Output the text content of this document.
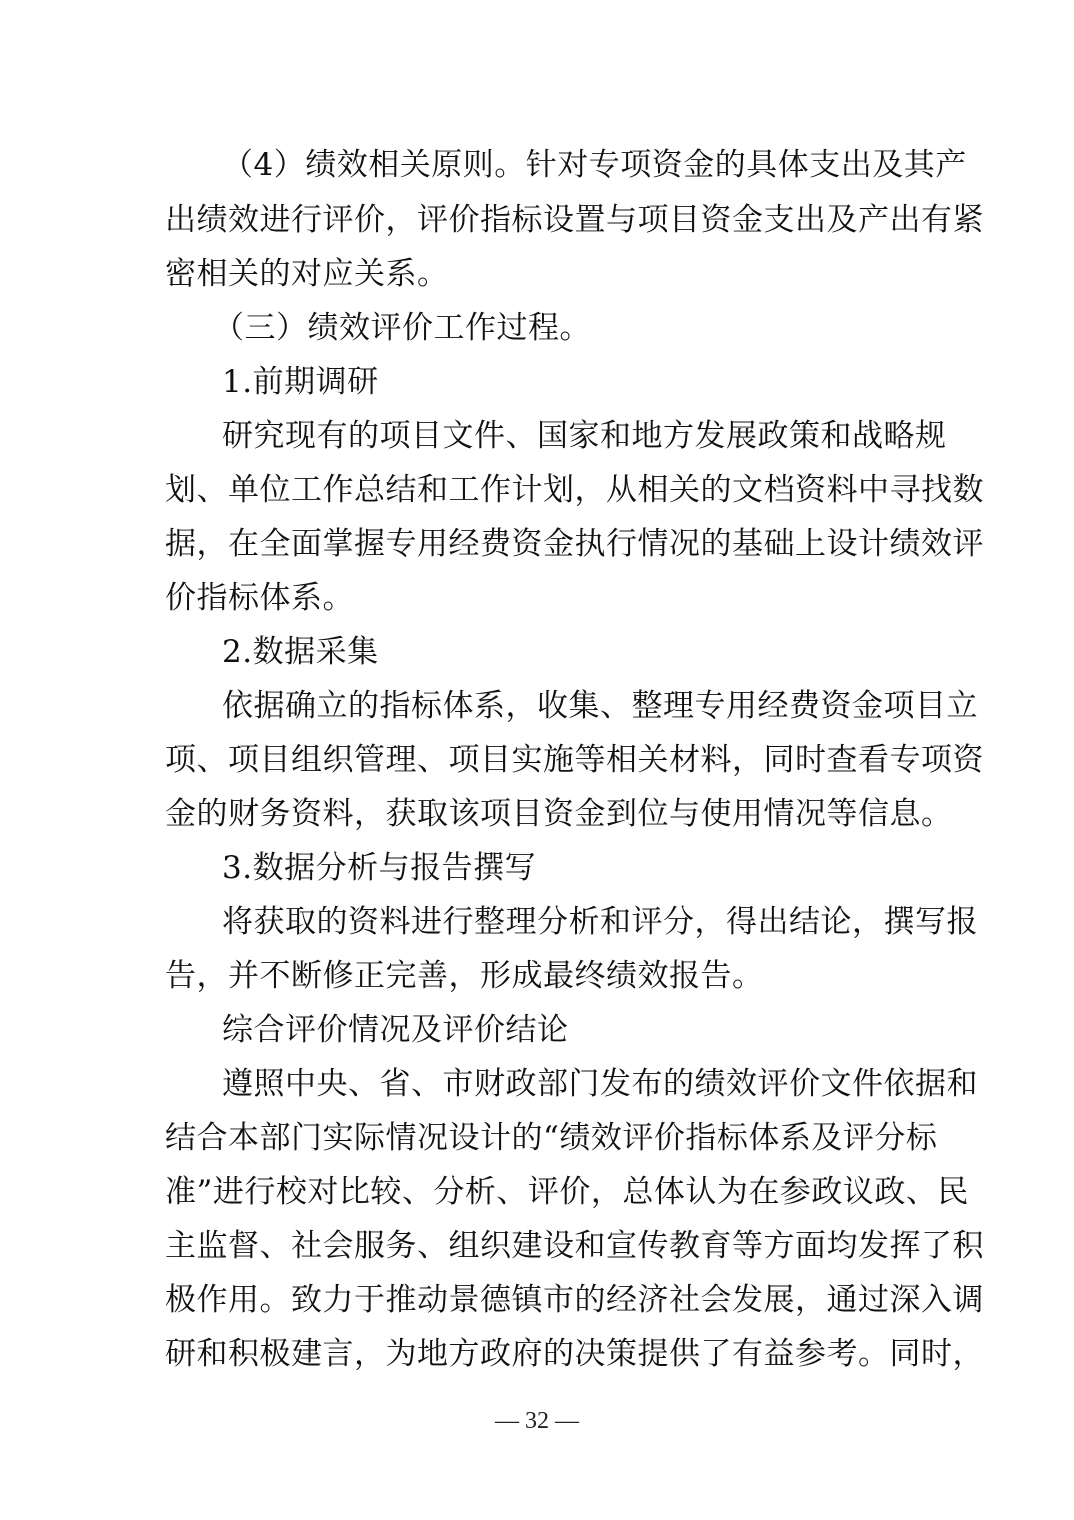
（4）绩效相关原则。针对专项资金的具体支出及其产
出绩效进行评价，评价指标设置与项目资金支出及产出有紧
密相关的对应关系。
（三）绩效评价工作过程。
1.前期调研
研究现有的项目文件、国家和地方发展政策和战略规
划、单位工作总结和工作计划，从相关的文档资料中寻找数
据，在全面掌握专用经费资金执行情况的基础上设计绩效评
价指标体系。
2.数据采集
依据确立的指标体系，收集、整理专用经费资金项目立
项、项目组织管理、项目实施等相关材料，同时查看专项资
金的财务资料，获取该项目资金到位与使用情况等信息。
3.数据分析与报告撰写
将获取的资料进行整理分析和评分，得出结论，撰写报
告，并不断修正完善，形成最终绩效报告。
综合评价情况及评价结论
遵照中央、省、市财政部门发布的绩效评价文件依据和
结合本部门实际情况设计的“绩效评价指标体系及评分标
准”进行校对比较、分析、评价，总体认为在参政议政、民
主监督、社会服务、组织建设和宣传教育等方面均发挥了积
极作用。致力于推动景德镇市的经济社会发展，通过深入调
研和积极建言，为地方政府的决策提供了有益参考。同时，
— 32 —
